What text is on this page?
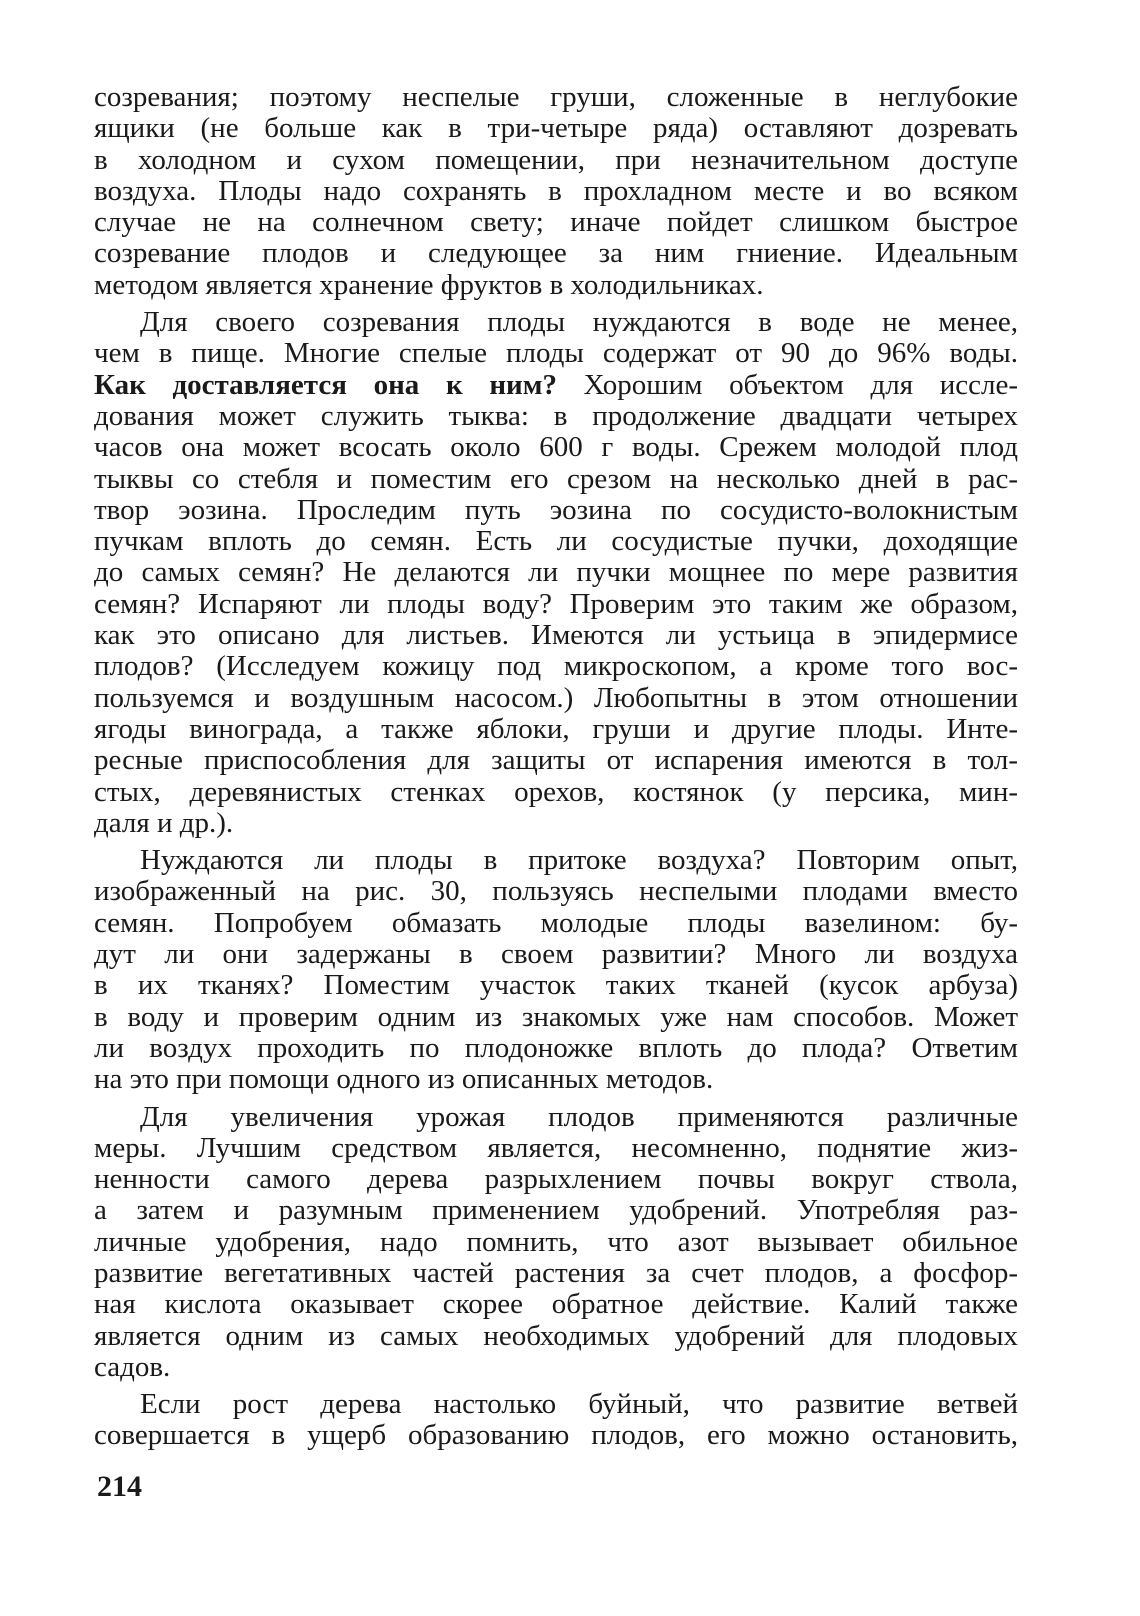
созревания; поэтому неспелые груши, сложенные в неглубокие
ящики (не больше как в три-четыре ряда) оставляют дозревать
в холодном и сухом помещении, при незначительном доступе
воздуха. Плоды надо сохранять в прохладном месте и во всяком
случае не на солнечном свету; иначе пойдет слишком быстрое
созревание плодов и следующее за ним гниение. Идеальным
методом является хранение фруктов в холодильниках.
Для своего созревания плоды нуждаются в воде не менее,
чем в пище. Многие спелые плоды содержат от 90 до 96% воды.
Как доставляется она к ним? Хорошим объектом для иссле-
дования может служить тыква: в продолжение двадцати четырех
часов она может всосать около 600 г воды. Срежем молодой плод
тыквы со стебля и поместим его срезом на несколько дней в рас-
твор эозина. Проследим путь эозина по сосудисто-волокнистым
пучкам вплоть до семян. Есть ли сосудистые пучки, доходящие
до самых семян? Не делаются ли пучки мощнее по мере развития
семян? Испаряют ли плоды воду? Проверим это таким же образом,
как это описано для листьев. Имеются ли устьица в эпидермисе
плодов? (Исследуем кожицу под микроскопом, а кроме того вос-
пользуемся и воздушным насосом.) Любопытны в этом отношении
ягоды винограда, а также яблоки, груши и другие плоды. Инте-
ресные приспособления для защиты от испарения имеются в тол-
стых, деревянистых стенках орехов, костянок (у персика, мин-
даля и др.).
Нуждаются ли плоды в притоке воздуха? Повторим опыт,
изображенный на рис. 30, пользуясь неспелыми плодами вместо
семян. Попробуем обмазать молодые плоды вазелином: бу-
дут ли они задержаны в своем развитии? Много ли воздуха
в их тканях? Поместим участок таких тканей (кусок арбуза)
в воду и проверим одним из знакомых уже нам способов. Может
ли воздух проходить по плодоножке вплоть до плода? Ответим
на это при помощи одного из описанных методов.
Для увеличения урожая плодов применяются различные
меры. Лучшим средством является, несомненно, поднятие жиз-
ненности самого дерева разрыхлением почвы вокруг ствола,
а затем и разумным применением удобрений. Употребляя раз-
личные удобрения, надо помнить, что азот вызывает обильное
развитие вегетативных частей растения за счет плодов, а фосфор-
ная кислота оказывает скорее обратное действие. Калий также
является одним из самых необходимых удобрений для плодовых
садов.
Если рост дерева настолько буйный, что развитие ветвей
совершается в ущерб образованию плодов, его можно остановить,
214
